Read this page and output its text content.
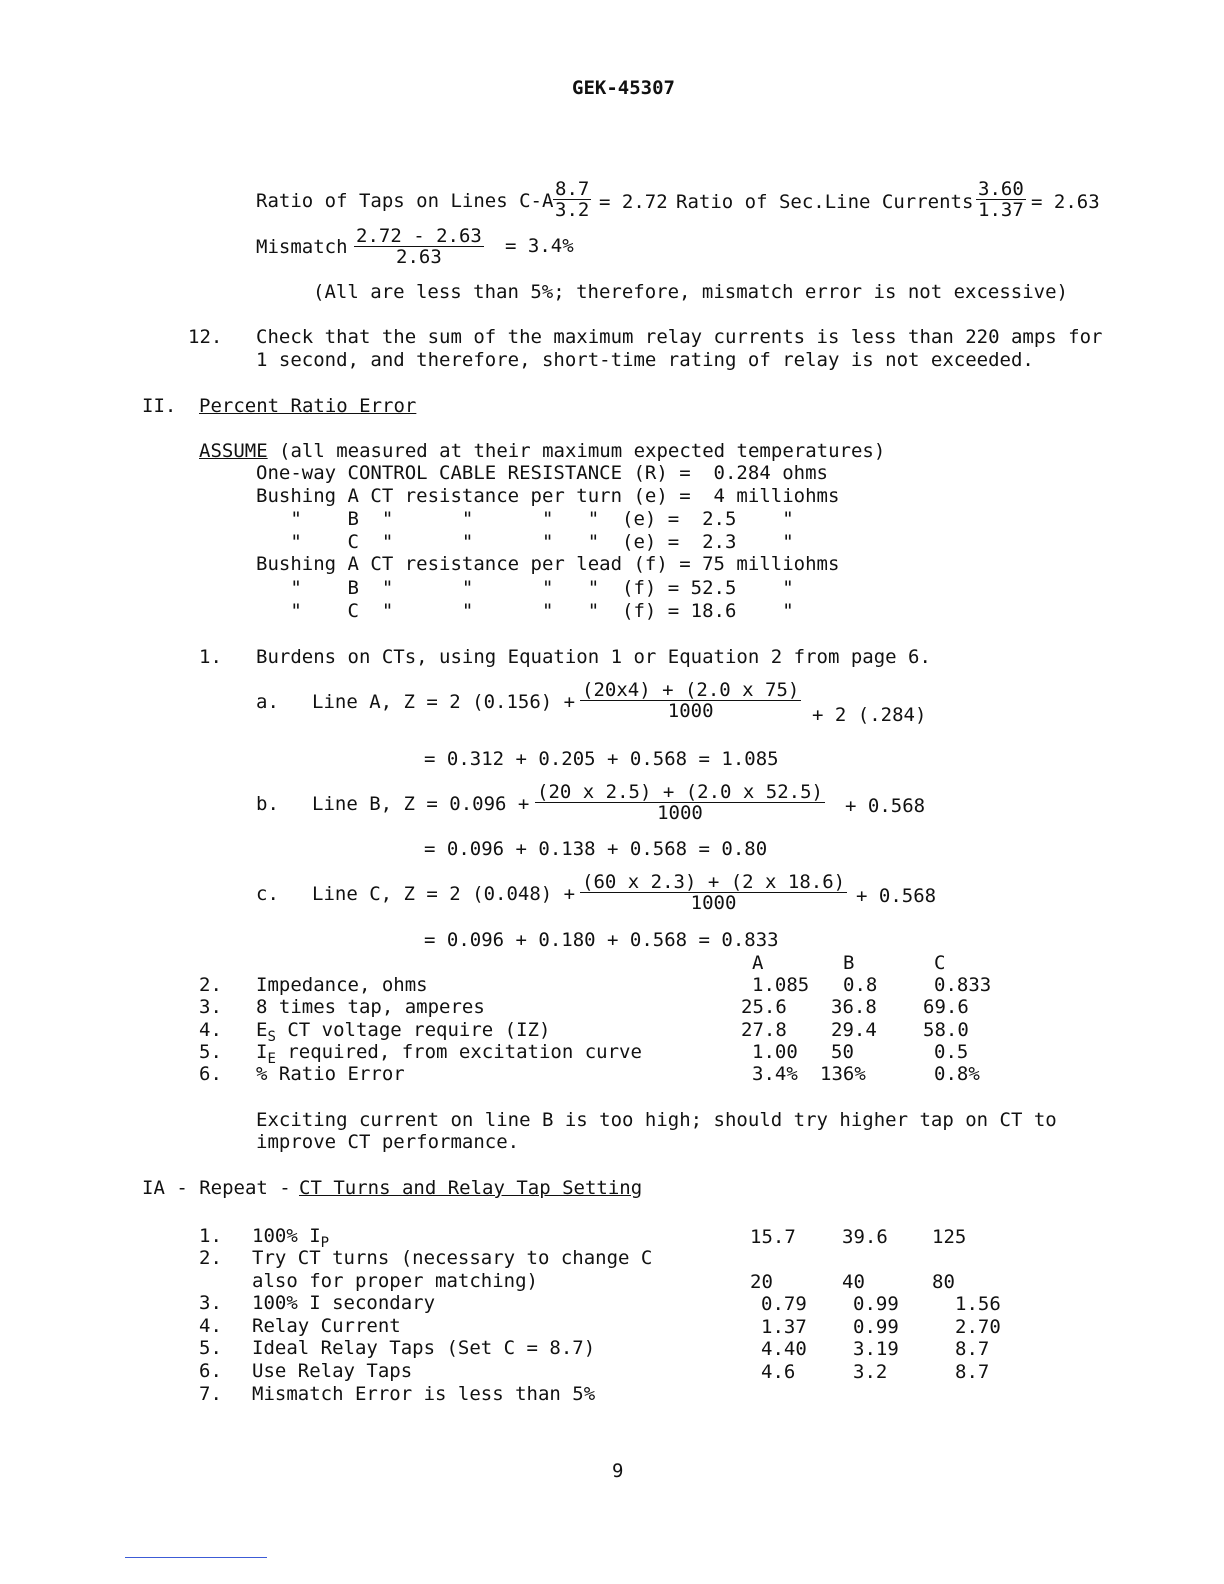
GEK-45307
Ratio of Taps on Lines $C-A \frac{8.7}{3.2} = 2.72$ Ratio of Sec.Line Currents $\frac{3.60}{1.37} = 2.63$
Mismatch $\frac{2.72 - 2.63}{2.63} = 3.4\%$
(All are less than 5%; therefore, mismatch error is not excessive)
12. Check that the sum of the maximum relay currents is less than 220 amps for
1 second, and therefore, short-time rating of relay is not exceeded.
II. Percent Ratio Error
ASSUME (all measured at their maximum expected temperatures)
One-way CONTROL CABLE RESISTANCE (R) =  0.284 ohms
Bushing A CT resistance per turn (e) =  4 milliohms
"    B  "      "      "   "  (e) =  2.5    "
"    C  "      "      "   "  (e) =  2.3    "
Bushing A CT resistance per lead (f) = 75 milliohms
"    B  "      "      "   "  (f) = 52.5    "
"    C  "      "      "   "  (f) = 18.6    "
1. Burdens on CTs, using Equation 1 or Equation 2 from page 6.
a. Line A, Z = 2 $(0.156) + \frac{(20x4) + (2.0 x 75)}{1000} + 2$ (.284)
= 0.312 + 0.205 + 0.568 = 1.085
b. Line B, $Z = 0.096 + \frac{(20 x 2.5) + (2.0 x 52.5)}{1000} + 0.568$
= 0.096 + 0.138 + 0.568 = 0.80
c. Line C, Z = 2 $(0.048) + \frac{(60 x 2.3) + (2 x 18.6)}{1000} + 0.568$
= 0.096 + 0.180 + 0.568 = 0.833
A	B	C
2. Impedance, ohms	1.085 0.8	0.833
3. 8 times tap, amperes	25.6 36.8 69.6
4. $E_S$ CT voltage require (IZ)	27.8 29.4 58.0
5. $I_E$ required, from excitation curve	1.00 50	0.5
6. % Ratio Error	3.4% 136%	0.8%
Exciting current on line B is too high; should try higher tap on CT to
improve CT performance.
IA - Repeat -
CT Turns and Relay Tap Setting
1. 100% $I_P$	15.7 39.6 125
2. Try CT turns (necessary to change C
also for proper matching)	20	40	80
3. 100% I secondary	0.79 0.99	1.56
4. Relay Current	1.37 0.99	2.70
5. Ideal Relay Taps (Set C = 8.7)	4.40 3.19	8.7
6. Use Relay Taps	4.6	3.2	8.7
7. Mismatch Error is less than 5%
9
